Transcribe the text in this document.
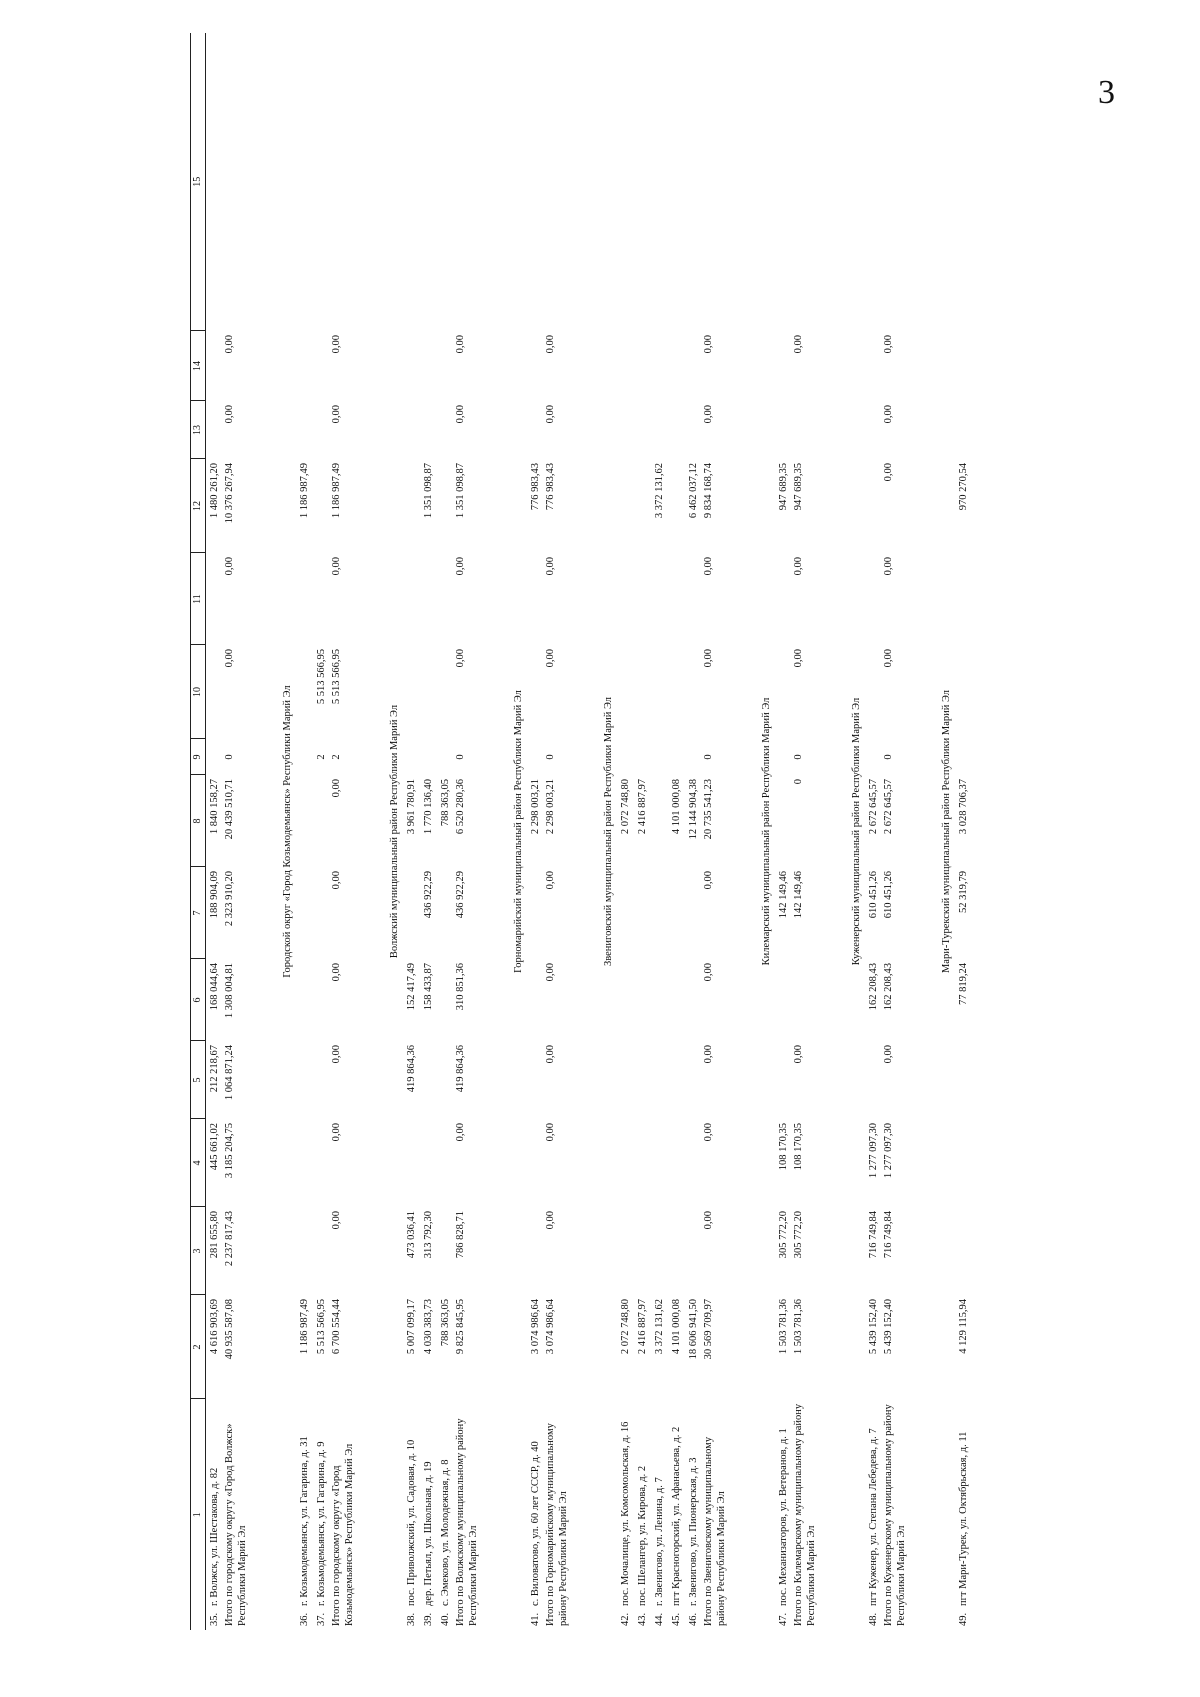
3
1	2	3	4	5	6	7	8	9	10	11	12	13	14	15
35.г. Волжск, ул. Шестакова, д. 82	4 616 903,69	281 655,80	445 661,02	212 218,67	168 044,64	188 904,09	1 840 158,27				1 480 261,20			
Итого по городскому округу «Город Волжск» Республики Марий Эл	40 935 587,08	2 237 817,43	3 185 204,75	1 064 871,24	1 308 004,81	2 323 910,20	20 439 510,71	0	0,00	0,00	10 376 267,94	0,00	0,00	
Городской округ «Город Козьмодемьянск» Республики Марий Эл														
36.г. Козьмодемьянск, ул. Гагарина, д. 31	1 186 987,49										1 186 987,49			
37.г. Козьмодемьянск, ул. Гагарина, д. 9	5 513 566,95							2	5 513 566,95					
Итого по городскому округу «Город Козьмодемьянск» Республики Марий Эл	6 700 554,44	0,00	0,00	0,00	0,00	0,00	0,00	2	5 513 566,95	0,00	1 186 987,49	0,00	0,00	
Волжский муниципальный район Республики Марий Эл														
38.пос. Приволжский, ул. Садовая, д. 10	5 007 099,17	473 036,41		419 864,36	152 417,49		3 961 780,91							
39.дер. Петьял, ул. Школьная, д. 19	4 030 383,73	313 792,30			158 433,87	436 922,29	1 770 136,40				1 351 098,87			
40.с. Эмеково, ул. Молодежная, д. 8	788 363,05						788 363,05							
Итого по Волжскому муниципальному району Республики Марий Эл	9 825 845,95	786 828,71	0,00	419 864,36	310 851,36	436 922,29	6 520 280,36	0	0,00	0,00	1 351 098,87	0,00	0,00	
Горномарийский муниципальный район Республики Марий Эл														
41.с. Виловатово, ул. 60 лет СССР, д. 40	3 074 986,64						2 298 003,21				776 983,43			
Итого по Горномарийскому муниципальному району Республики Марий Эл	3 074 986,64	0,00	0,00	0,00	0,00	0,00	2 298 003,21	0	0,00	0,00	776 983,43	0,00	0,00	
Звениговский муниципальный район Республики Марий Эл														
42.пос. Мочалище, ул. Комсомольская, д. 16	2 072 748,80						2 072 748,80							
43.пос. Шелангер, ул. Кирова, д. 2	2 416 887,97						2 416 887,97							
44.г. Звенигово, ул. Ленина, д. 7	3 372 131,62										3 372 131,62			
45.пгт Красногорский, ул. Афанасьева, д. 2	4 101 000,08						4 101 000,08							
46.г. Звенигово, ул. Пионерская, д. 3	18 606 941,50						12 144 904,38				6 462 037,12			
Итого по Звениговскому муниципальному району Республики Марий Эл	30 569 709,97	0,00	0,00	0,00	0,00	0,00	20 735 541,23	0	0,00	0,00	9 834 168,74	0,00	0,00	
Килемарский муниципальный район Республики Марий Эл														
47.пос. Механизаторов, ул. Ветеранов, д. 1	1 503 781,36	305 772,20	108 170,35			142 149,46					947 689,35			
Итого по Килемарскому муниципальному району Республики Марий Эл	1 503 781,36	305 772,20	108 170,35	0,00		142 149,46	0	0	0,00	0,00	947 689,35		0,00	
Куженерский муниципальный район Республики Марий Эл														
48.пгт Куженер, ул. Степана Лебедева, д. 7	5 439 152,40	716 749,84	1 277 097,30		162 208,43	610 451,26	2 672 645,57							
Итого по Куженерскому муниципальному району Республики Марий Эл	5 439 152,40	716 749,84	1 277 097,30	0,00	162 208,43	610 451,26	2 672 645,57	0	0,00	0,00	0,00	0,00	0,00	
Мари-Турекский муниципальный район Республики Марий Эл														
49.пгт Мари-Турек, ул. Октябрьская, д. 11	4 129 115,94				77 819,24	52 319,79	3 028 706,37				970 270,54			
